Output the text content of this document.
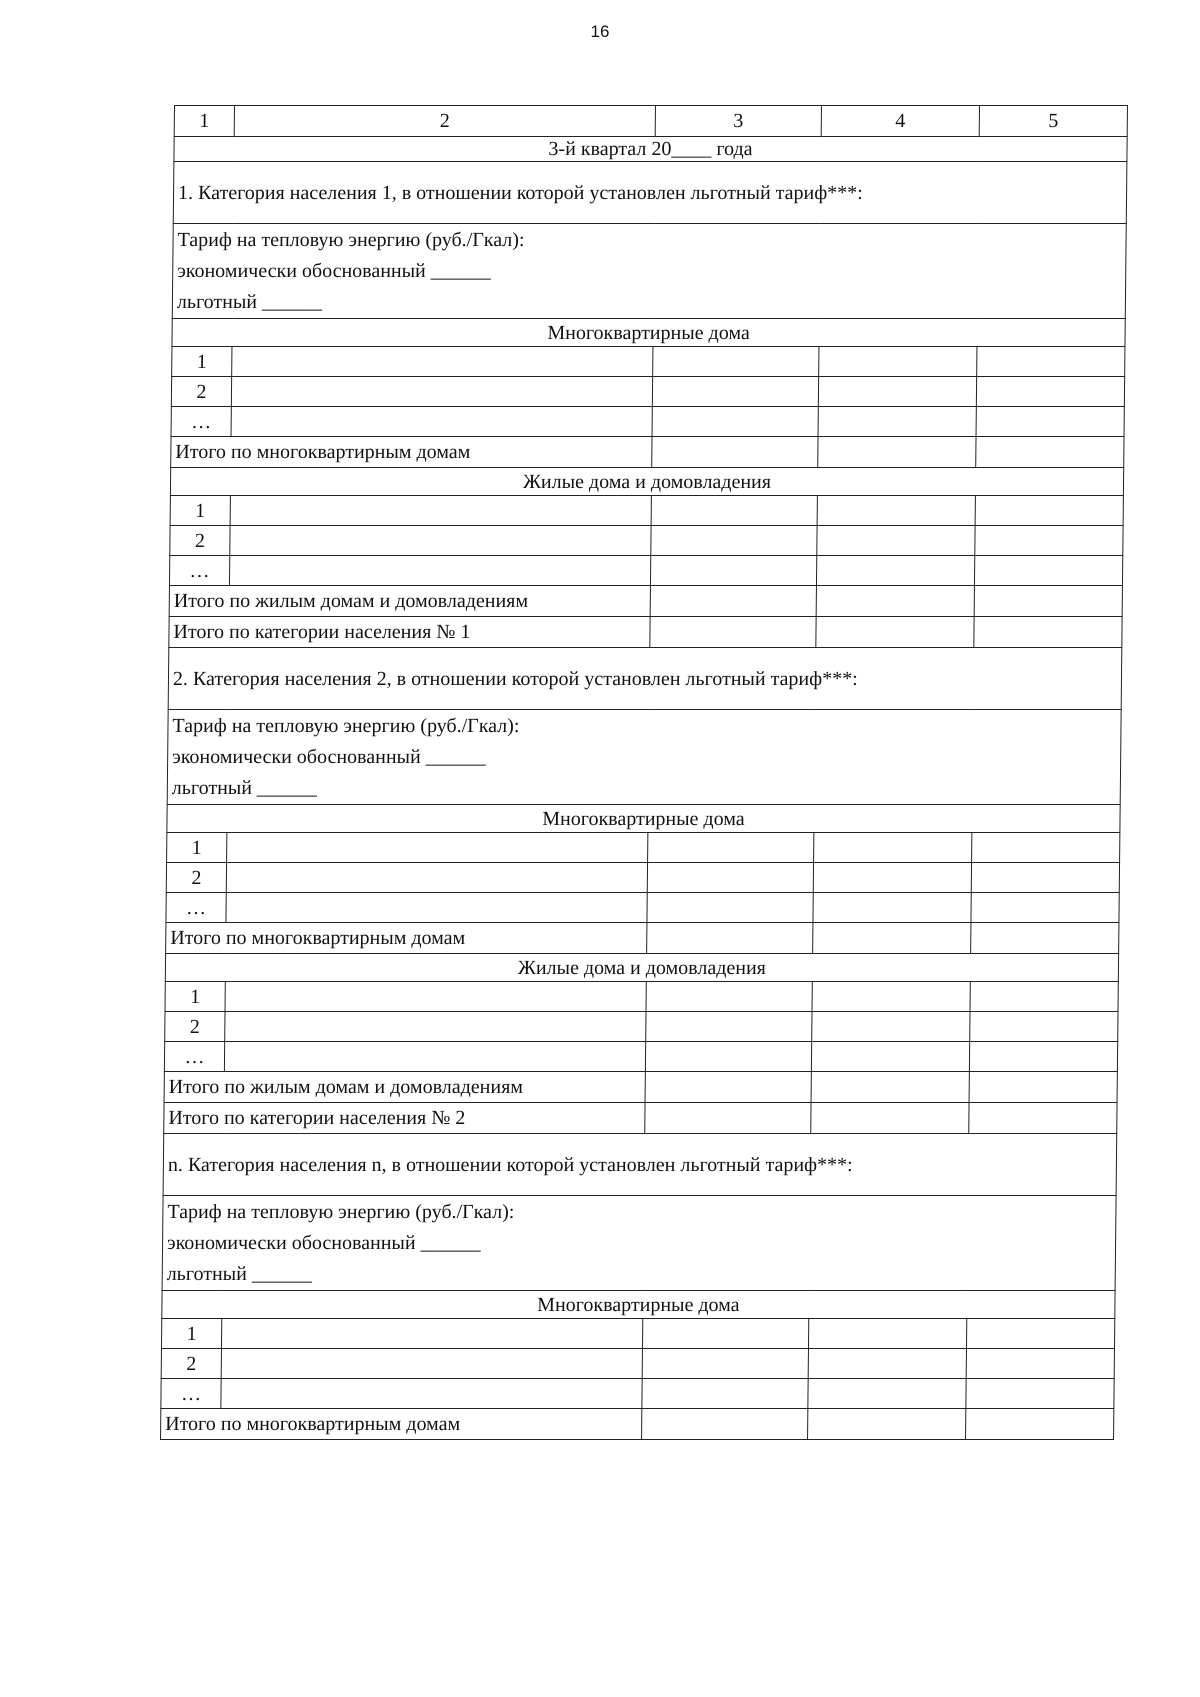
16
1	2	3	4	5
3-й квартал 20____ года				
1. Категория населения 1, в отношении которой установлен льготный тариф***:				

Тариф на тепловую энергию (руб./Гкал):
экономически обоснованный ______
льготный ______				

Многоквартирные дома				
1				
2				
…				
Итого по многоквартирным домам				
Жилые дома и домовладения				
1				
2				
…				
Итого по жилым домам и домовладениям				
Итого по категории населения № 1				
2. Категория населения 2, в отношении которой установлен льготный тариф***:				

Тариф на тепловую энергию (руб./Гкал):
экономически обоснованный ______
льготный ______				

Многоквартирные дома				
1				
2				
…				
Итого по многоквартирным домам				
Жилые дома и домовладения				
1				
2				
…				
Итого по жилым домам и домовладениям				
Итого по категории населения № 2				
n. Категория населения n, в отношении которой установлен льготный тариф***:				

Тариф на тепловую энергию (руб./Гкал):
экономически обоснованный ______
льготный ______				

Многоквартирные дома				
1				
2				
…				
Итого по многоквартирным домам				
